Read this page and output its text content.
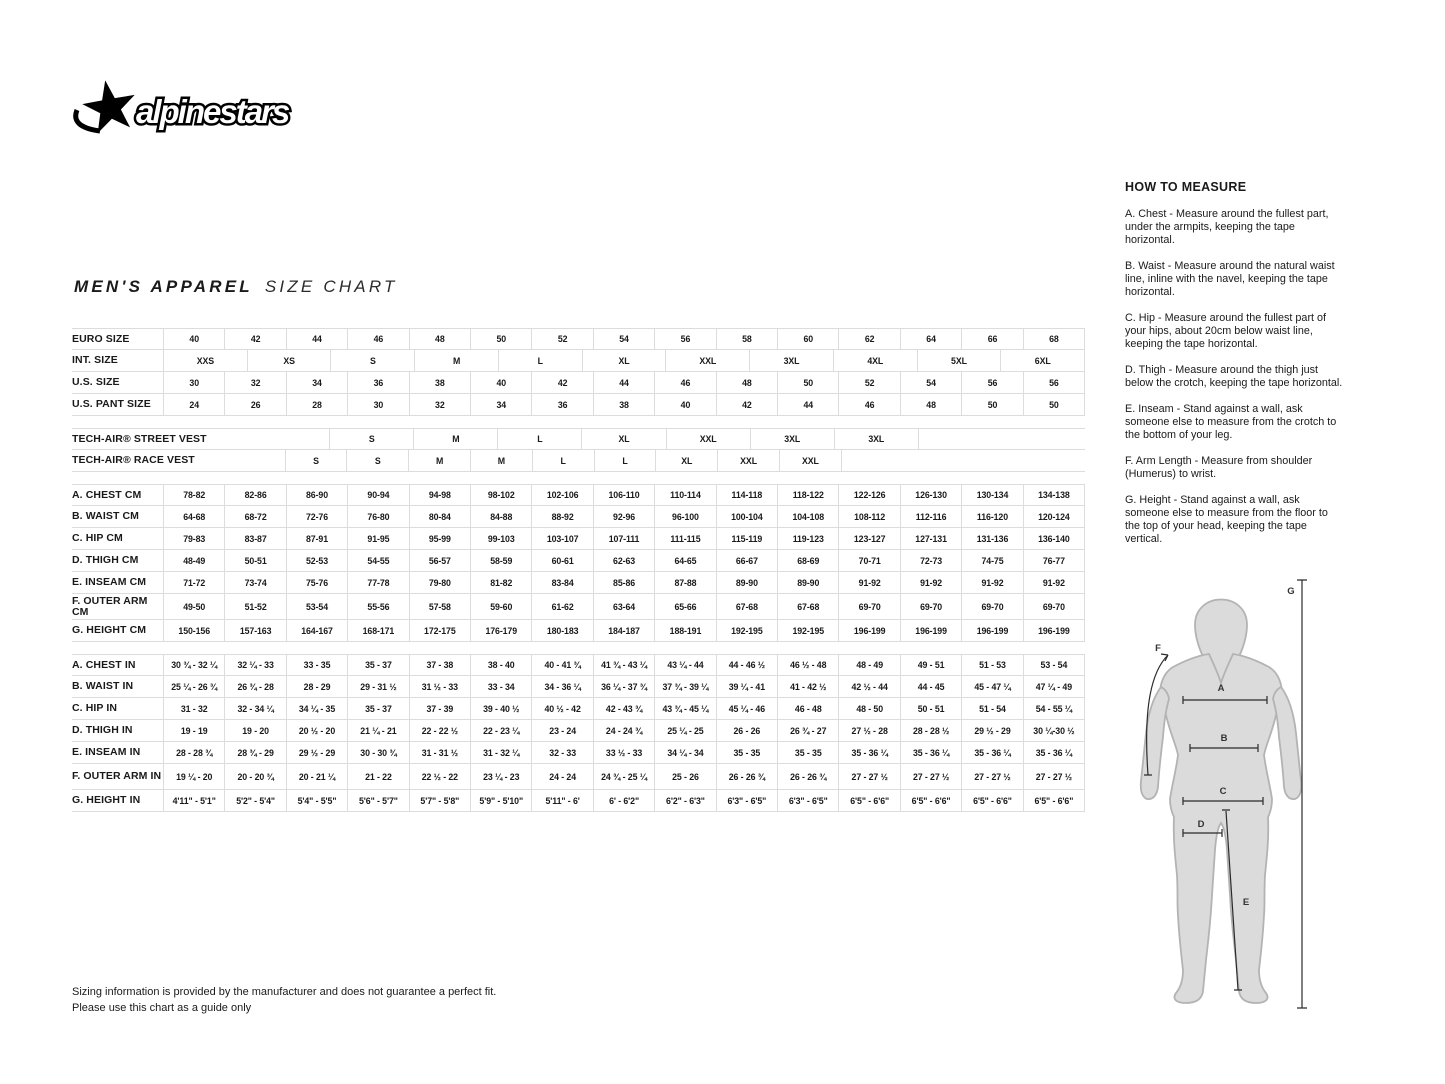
alpinestars
MEN'S APPAREL SIZE CHART
EURO SIZE	40	42	44	46	48	50	52	54	56	58	60	62	64	66	68
INT. SIZE	XXS	XS	S	M	L	XL	XXL	3XL	4XL	5XL	6XL
U.S. SIZE	30	32	34	36	38	40	42	44	46	48	50	52	54	56	56
U.S. PANT SIZE	24	26	28	30	32	34	36	38	40	42	44	46	48	50	50
TECH-AIR® STREET VEST	S	M	L	XL	XXL	3XL	3XL
TECH-AIR® RACE VEST	S	S	M	M	L	L	XL	XXL	XXL
A. CHEST CM	78-82	82-86	86-90	90-94	94-98	98-102	102-106	106-110	110-114	114-118	118-122	122-126	126-130	130-134	134-138
B. WAIST CM	64-68	68-72	72-76	76-80	80-84	84-88	88-92	92-96	96-100	100-104	104-108	108-112	112-116	116-120	120-124
C. HIP CM	79-83	83-87	87-91	91-95	95-99	99-103	103-107	107-111	111-115	115-119	119-123	123-127	127-131	131-136	136-140
D. THIGH CM	48-49	50-51	52-53	54-55	56-57	58-59	60-61	62-63	64-65	66-67	68-69	70-71	72-73	74-75	76-77
E. INSEAM CM	71-72	73-74	75-76	77-78	79-80	81-82	83-84	85-86	87-88	89-90	89-90	91-92	91-92	91-92	91-92
F. OUTER ARM CM	49-50	51-52	53-54	55-56	57-58	59-60	61-62	63-64	65-66	67-68	67-68	69-70	69-70	69-70	69-70
G. HEIGHT CM	150-156	157-163	164-167	168-171	172-175	176-179	180-183	184-187	188-191	192-195	192-195	196-199	196-199	196-199	196-199
A. CHEST IN	30 ¾ - 32 ¼	32 ¼ - 33	33 - 35	35 - 37	37 - 38	38 - 40	40 - 41 ¾	41 ¾ - 43 ¼	43 ¼ - 44	44 - 46 ½	46 ½ - 48	48 - 49	49 - 51	51 - 53	53 - 54
B. WAIST IN	25 ¼ - 26 ¾	26 ¾ - 28	28 - 29	29 - 31 ½	31 ½ - 33	33 - 34	34 - 36 ¼	36 ¼ - 37 ¾	37 ¾ - 39 ¼	39 ¼ - 41	41 - 42 ½	42 ½ - 44	44 - 45	45 - 47 ¼	47 ¼ - 49
C. HIP IN	31 - 32	32 - 34 ¼	34 ¼ - 35	35 - 37	37 - 39	39 - 40 ½	40 ½ - 42	42 - 43 ¾	43 ¾ - 45 ¼	45 ¼ - 46	46 - 48	48 - 50	50 - 51	51 - 54	54 - 55 ¼
D. THIGH IN	19 - 19	19 - 20	20 ½ - 20	21 ¼ - 21	22 - 22 ½	22 - 23 ¼	23 - 24	24 - 24 ¾	25 ¼ - 25	26 - 26	26 ¾ - 27	27 ½ - 28	28 - 28 ½	29 ½ - 29	30 ¼-30 ½
E. INSEAM IN	28 - 28 ¾	28 ¾ - 29	29 ½ - 29	30 - 30 ¾	31 - 31 ½	31 - 32 ¼	32 - 33	33 ½ - 33	34 ¼ - 34	35 - 35	35 - 35	35 - 36 ¼	35 - 36 ¼	35 - 36 ¼	35 - 36 ¼
F. OUTER ARM IN	19 ¼ - 20	20 - 20 ¾	20 - 21 ¼	21 - 22	22 ½ - 22	23 ¼ - 23	24 - 24	24 ¾ - 25 ¼	25 - 26	26 - 26 ¾	26 - 26 ¾	27 - 27 ½	27 - 27 ½	27 - 27 ½	27 - 27 ½
G. HEIGHT IN	4'11" - 5'1"	5'2" - 5'4"	5'4" - 5'5"	5'6" - 5'7"	5'7" - 5'8"	5'9" - 5'10"	5'11" - 6'	6' - 6'2"	6'2" - 6'3"	6'3" - 6'5"	6'3" - 6'5"	6'5" - 6'6"	6'5" - 6'6"	6'5" - 6'6"	6'5" - 6'6"
HOW TO MEASURE

A. Chest - Measure around the fullest part, under the armpits, keeping the tape horizontal.

B. Waist - Measure around the natural waist line, inline with the navel, keeping the tape horizontal.

C. Hip - Measure around the fullest part of your hips, about 20cm below waist line, keeping the tape horizontal.

D. Thigh - Measure around the thigh just below the crotch, keeping the tape horizontal.

E. Inseam - Stand against a wall, ask someone else to measure from the crotch to the bottom of your leg.

F. Arm Length - Measure from shoulder (Humerus) to wrist.

G. Height - Stand against a wall, ask someone else to measure from the floor to the top of your head, keeping the tape vertical.

A
B
C
D
E
F
G
Sizing information is provided by the manufacturer and does not guarantee a perfect fit.
Please use this chart as a guide only
